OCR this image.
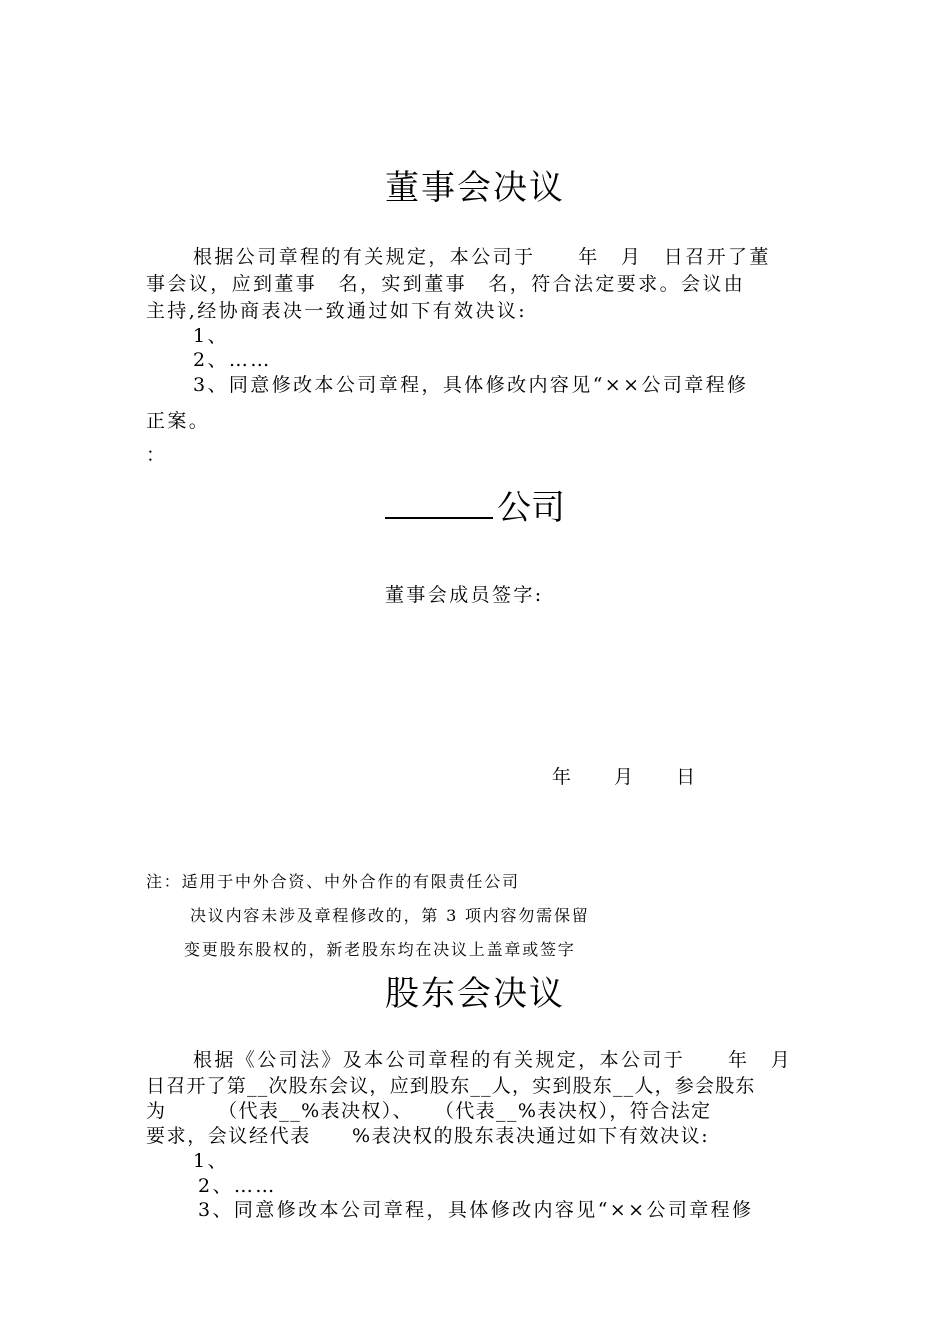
董事会决议
根据公司章程的有关规定，本公司于　　年　月　日召开了董
事会议，应到董事　名，实到董事　名，符合法定要求。会议由
主持,经协商表决一致通过如下有效决议:
1、
2、……
3、同意修改本公司章程，具体修改内容见“××公司章程修
正案。
：
公司
董事会成员签字:
年　 月　 日
注：适用于中外合资、中外合作的有限责任公司
决议内容未涉及章程修改的，第 3 项内容勿需保留
变更股东股权的，新老股东均在决议上盖章或签字
股东会决议
根据《公司法》及本公司章程的有关规定，本公司于　　年　月
日召开了第__次股东会议，应到股东__人，实到股东__人，参会股东
为　　　（代表__%表决权）、　　（代表__%表决权），符合法定
要求，会议经代表　　%表决权的股东表决通过如下有效决议:
1、
2、……
3、同意修改本公司章程，具体修改内容见“××公司章程修
